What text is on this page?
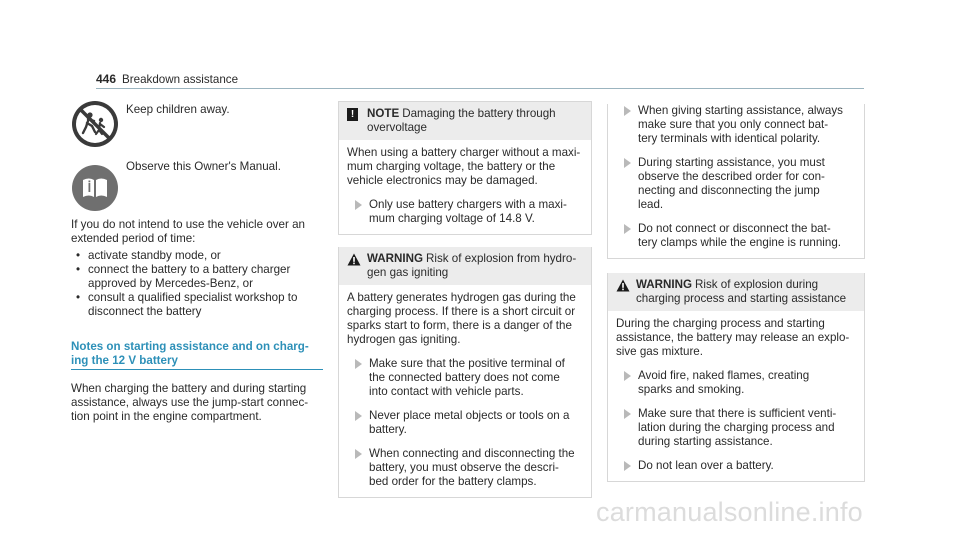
446 Breakdown assistance
Keep children away.
Observe this Owner's Manual.
If you do not intend to use the vehicle over an
extended period of time:
• activate standby mode, or
• connect the battery to a battery charger
approved by Mercedes-Benz, or
• consult a qualified specialist workshop to
disconnect the battery
Notes on starting assistance and on charg-
ing the 12 V battery
When charging the battery and during starting
assistance, always use the jump-start connec-
tion point in the engine compartment.
!	NOTE Damaging the battery through
overvoltage
When using a battery charger without a maxi-
mum charging voltage, the battery or the
vehicle electronics may be damaged.
Only use battery chargers with a maxi-
mum charging voltage of 14.8 V.
WARNING Risk of explosion from hydro-
gen gas igniting
A battery generates hydrogen gas during the
charging process. If there is a short circuit or
sparks start to form, there is a danger of the
hydrogen gas igniting.
Make sure that the positive terminal of
the connected battery does not come
into contact with vehicle parts.
Never place metal objects or tools on a
battery.
When connecting and disconnecting the
battery, you must observe the descri-
bed order for the battery clamps.
When giving starting assistance, always
make sure that you only connect bat-
tery terminals with identical polarity.
During starting assistance, you must
observe the described order for con-
necting and disconnecting the jump
lead.
Do not connect or disconnect the bat-
tery clamps while the engine is running.
WARNING Risk of explosion during
charging process and starting assistance
During the charging process and starting
assistance, the battery may release an explo-
sive gas mixture.
Avoid fire, naked flames, creating
sparks and smoking.
Make sure that there is sufficient venti-
lation during the charging process and
during starting assistance.
Do not lean over a battery.
carmanualsonline.info
